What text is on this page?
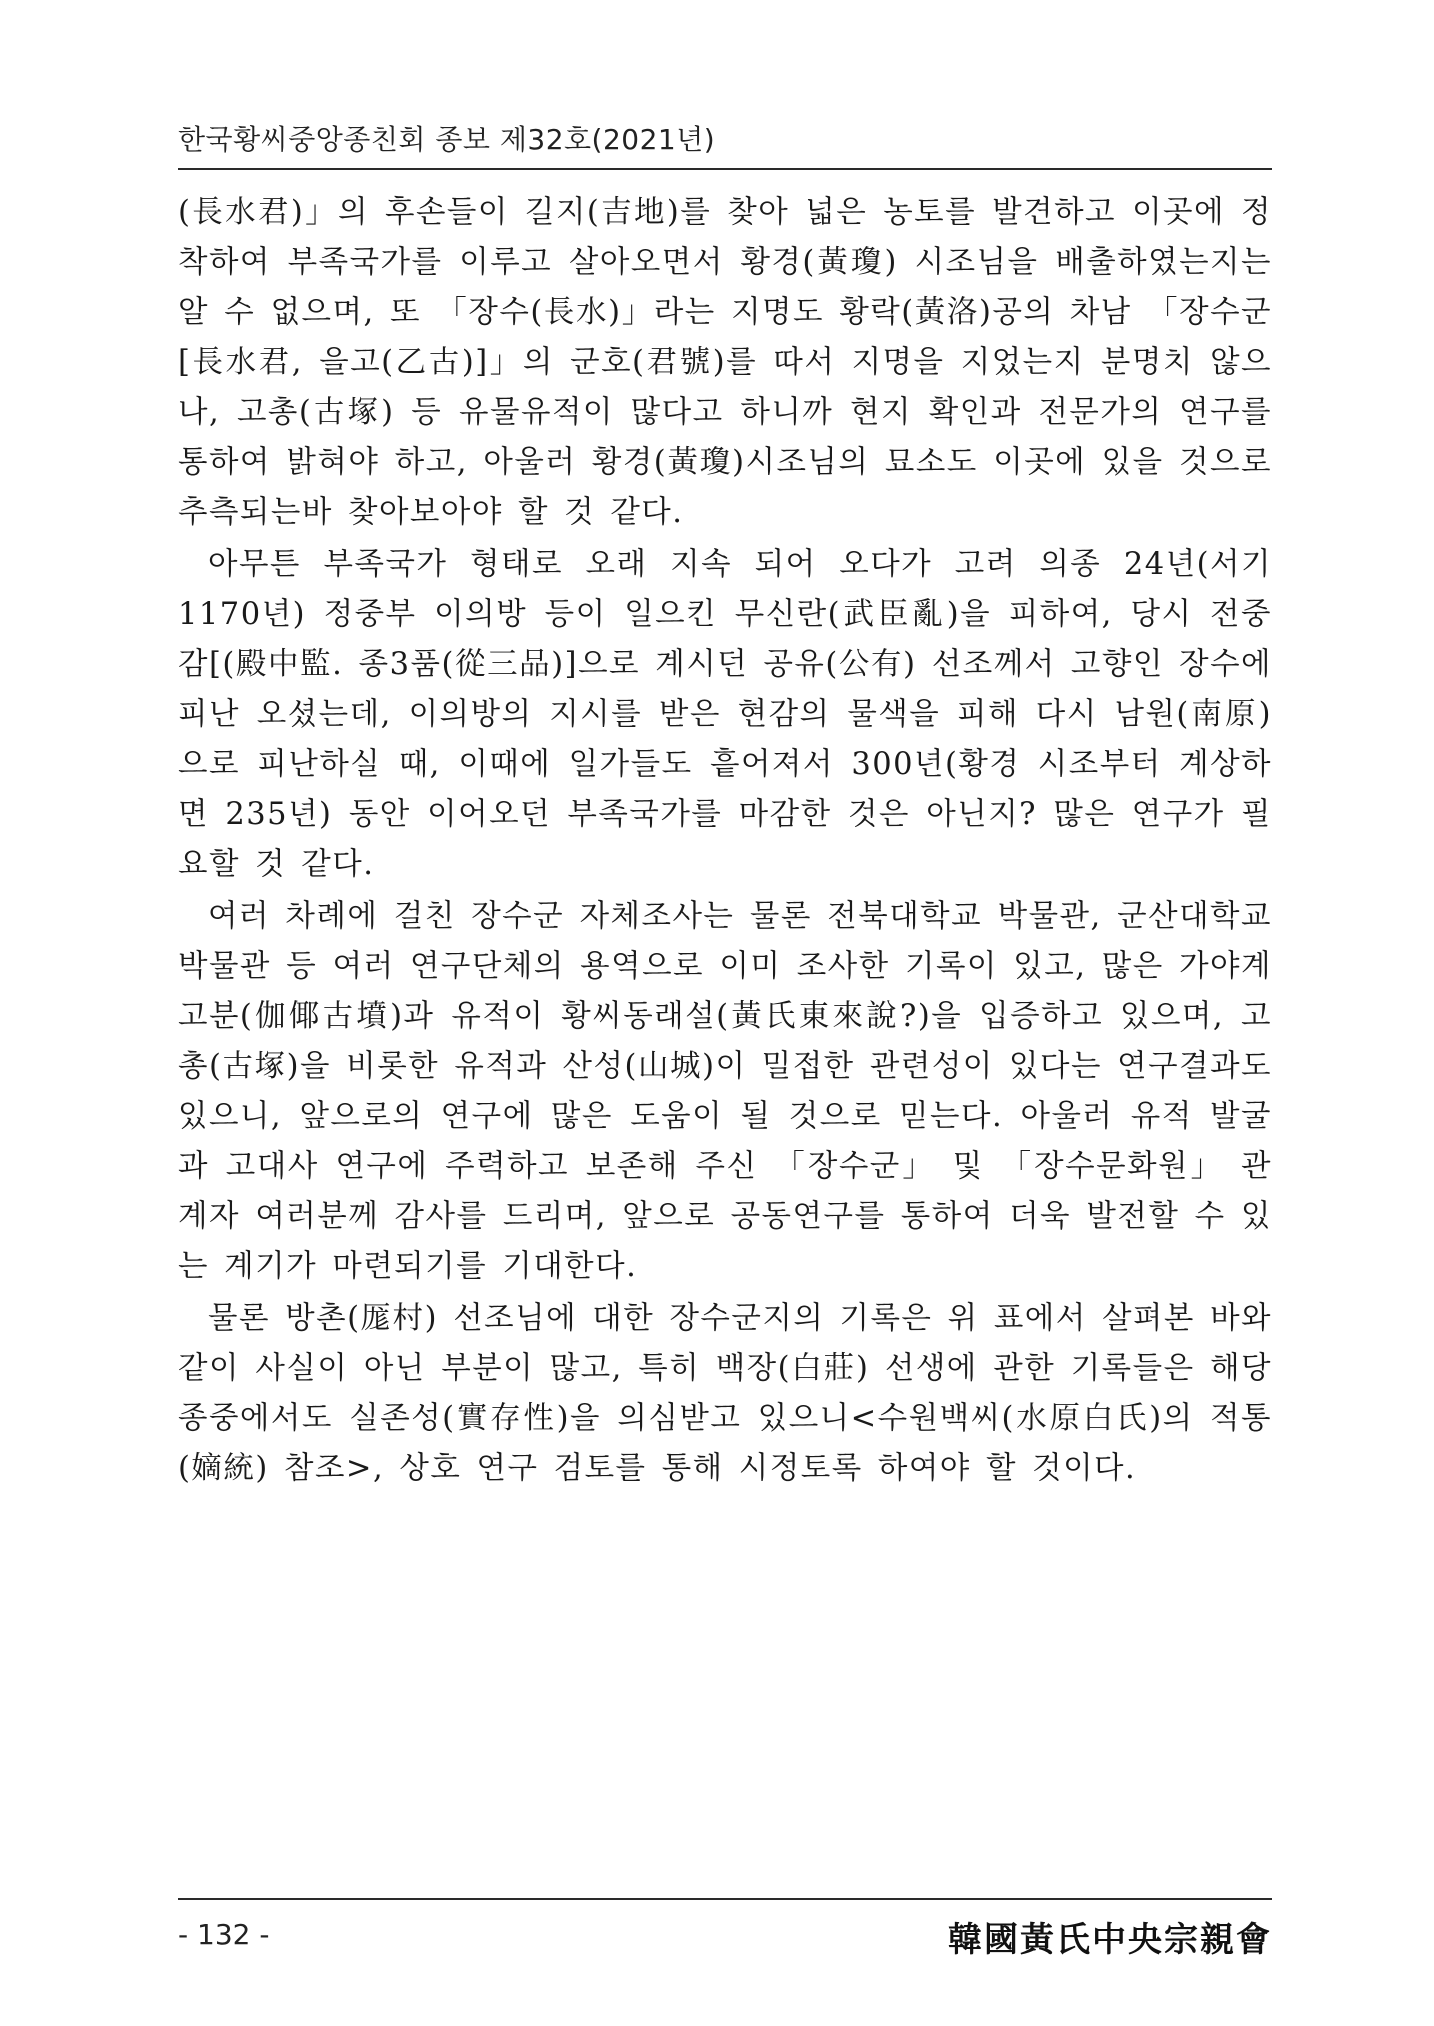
한국황씨중앙종친회 종보 제32호(2021년)

(長水君)」의 후손들이 길지(吉地)를 찾아 넓은 농토를 발견하고 이곳에 정착하여 부족국가를 이루고 살아오면서 황경(黃瓊) 시조님을 배출하였는지는 알 수 없으며, 또 「장수(長水)」라는 지명도 황락(黃洛)공의 차남 「장수군[長水君, 을고(乙古)]」의 군호(君號)를 따서 지명을 지었는지 분명치 않으나, 고총(古塚) 등 유물유적이 많다고 하니까 현지 확인과 전문가의 연구를 통하여 밝혀야 하고, 아울러 황경(黃瓊)시조님의 묘소도 이곳에 있을 것으로 추측되는바 찾아보아야 할 것 같다.

아무튼 부족국가 형태로 오래 지속 되어 오다가 고려 의종 24년(서기 1170년) 정중부 이의방 등이 일으킨 무신란(武臣亂)을 피하여, 당시 전중감[(殿中監. 종3품(從三品)]으로 계시던 공유(公有) 선조께서 고향인 장수에 피난 오셨는데, 이의방의 지시를 받은 현감의 물색을 피해 다시 남원(南原)으로 피난하실 때, 이때에 일가들도 흩어져서 300년(황경 시조부터 계상하면 235년) 동안 이어오던 부족국가를 마감한 것은 아닌지? 많은 연구가 필요할 것 같다.

여러 차례에 걸친 장수군 자체조사는 물론 전북대학교 박물관, 군산대학교 박물관 등 여러 연구단체의 용역으로 이미 조사한 기록이 있고, 많은 가야계 고분(伽倻古墳)과 유적이 황씨동래설(黃氏東來說?)을 입증하고 있으며, 고총(古塚)을 비롯한 유적과 산성(山城)이 밀접한 관련성이 있다는 연구결과도 있으니, 앞으로의 연구에 많은 도움이 될 것으로 믿는다. 아울러 유적 발굴과 고대사 연구에 주력하고 보존해 주신 「장수군」 및 「장수문화원」 관계자 여러분께 감사를 드리며, 앞으로 공동연구를 통하여 더욱 발전할 수 있는 계기가 마련되기를 기대한다.

물론 방촌(厖村) 선조님에 대한 장수군지의 기록은 위 표에서 살펴본 바와 같이 사실이 아닌 부분이 많고, 특히 백장(白莊) 선생에 관한 기록들은 해당 종중에서도 실존성(實存性)을 의심받고 있으니<수원백씨(水原白氏)의 적통(嫡統) 참조>, 상호 연구 검토를 통해 시정토록 하여야 할 것이다.

- 132 -	韓國黃氏中央宗親會
